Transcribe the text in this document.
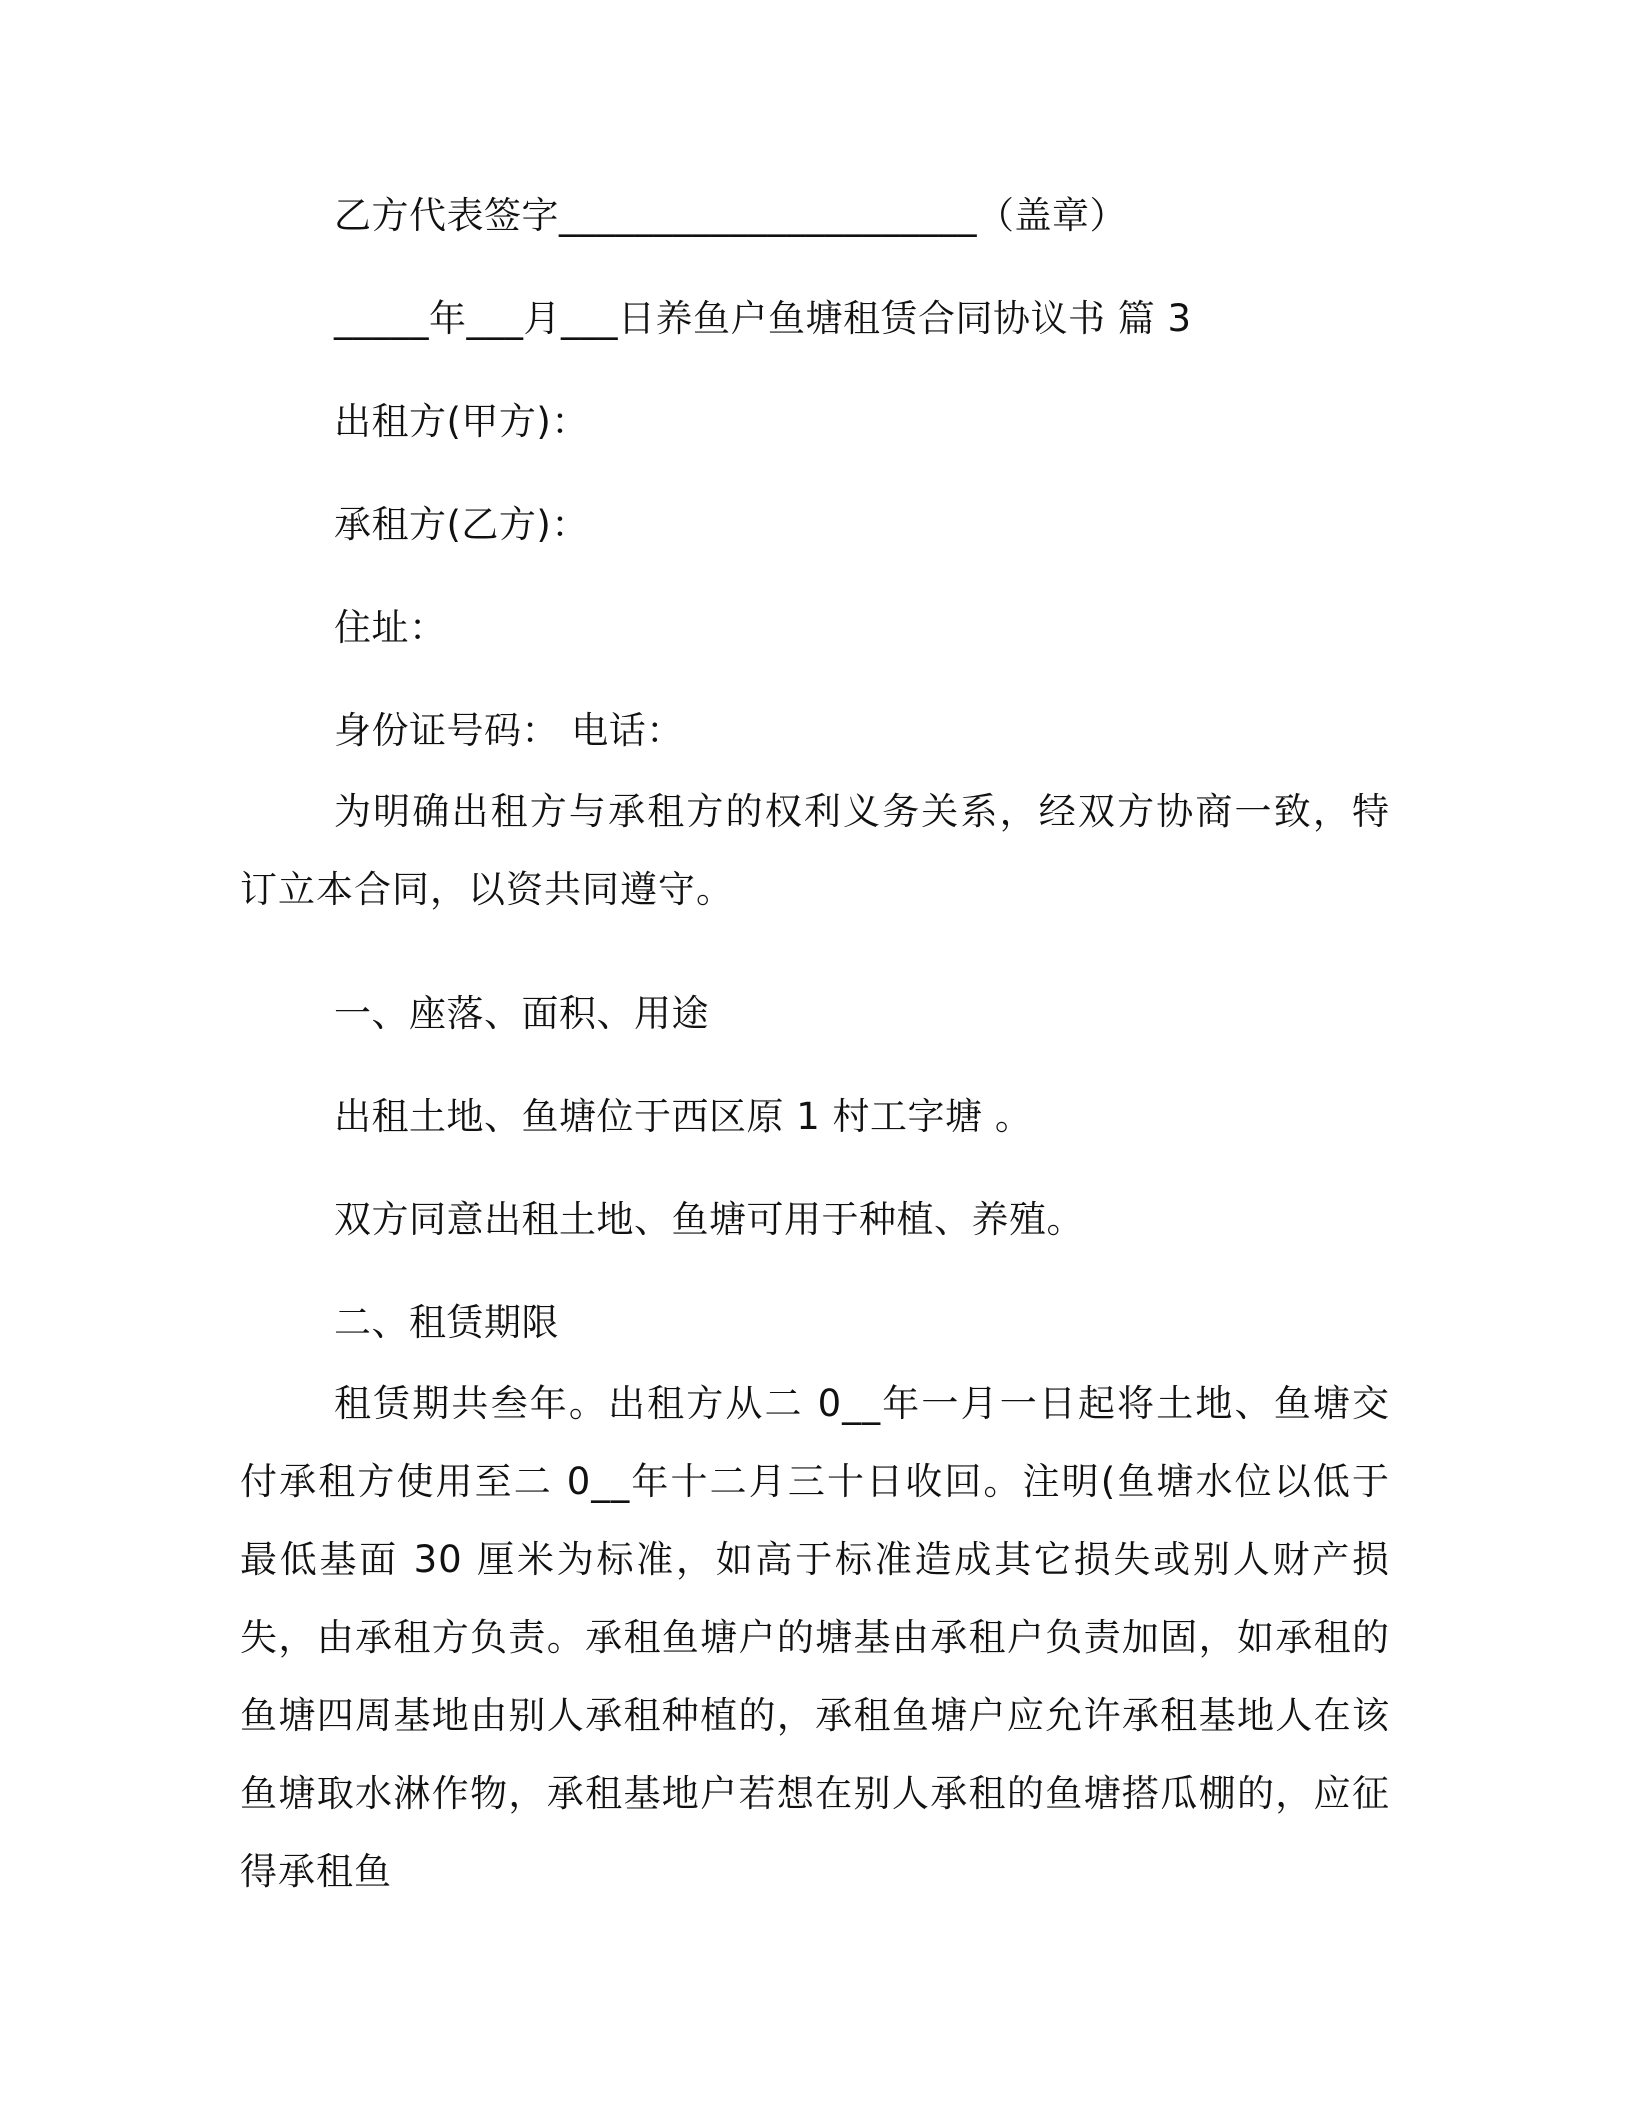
乙方代表签字______________________（盖章）
_____年___月___日养鱼户鱼塘租赁合同协议书 篇 3
出租方(甲方)：
承租方(乙方)：
住址：
身份证号码： 电话：

为明确出租方与承租方的权利义务关系，经双方协商一致，特订立本合同，以资共同遵守。

一、座落、面积、用途
出租土地、鱼塘位于西区原 1 村工字塘 。
双方同意出租土地、鱼塘可用于种植、养殖。
二、租赁期限

租赁期共叁年。出租方从二 0__年一月一日起将土地、鱼塘交付承租方使用至二 0__年十二月三十日收回。注明(鱼塘水位以低于最低基面 30 厘米为标准，如高于标准造成其它损失或别人财产损失，由承租方负责。承租鱼塘户的塘基由承租户负责加固，如承租的鱼塘四周基地由别人承租种植的，承租鱼塘户应允许承租基地人在该鱼塘取水淋作物，承租基地户若想在别人承租的鱼塘搭瓜棚的，应征得承租鱼
